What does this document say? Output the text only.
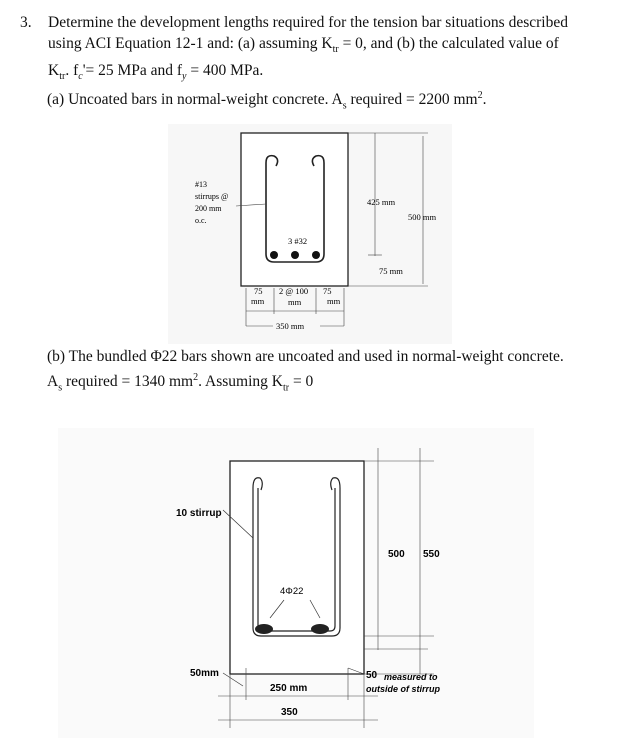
3. Determine the development lengths required for the tension bar situations described
using ACI Equation 12-1 and: (a) assuming $K_{tr} = 0$, and (b) the calculated value of
$K_{tr}$. $f_c'= 25$ MPa and $f_y = 400$ MPa.
(a) Uncoated bars in normal-weight concrete. $A_s$ required = 2200 $mm^2$.
#13
stirrups @
200 mm
o.c.
3 #32
425 mm
500 mm
75 mm
75
mm
2 @ 100
mm
75
mm
350 mm
(b) The bundled Φ22 bars shown are uncoated and used in normal-weight concrete.
$A_s$ required = 1340 $mm^2$. Assuming $K_{tr} = 0$
4Φ22
10 stirrup
500 550
50 measured to
outside of stirrup
50mm
250 mm
350
